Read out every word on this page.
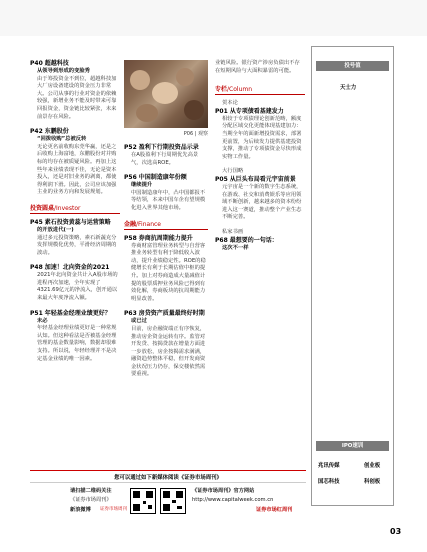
P40 超越科技
从领导到形成的变脸秀
由于筹投资金不到位，超越科技加大厂房设备建设的资金压力非常大。公司从事的行业对资金的依赖较强，新增业务不能及时带来可靠回报资金，资金链比较紧张，未来前景存在风险。
P42 东鹏股份
“回拨收购”总被反转
无论更名前收购东莞华赢，还是之后收购上海富地，东鹏股份对并购标的均存在被质疑风险。再加上这些年来业绩表现不佳，无论是资本投入，还是对旧业务的剥离，都使得利润下滑。因此，公司应该加强主业的业务方向和发展规划。
投资圆桌/Investor
P45 素石投资黄蕊与运营策略
的开放进代(一)
通过多元投资策略，素石新蔬克分发挥规模化优势，平滑经济周期的波动。
P48 加速！北向资金的2021
2021年北向资金共计入A股市场的进程再次加速，全年实现了4321.69亿元的净流入，创开通以来最大年度净流入额。
P51 年轻基金经理业绩更好？
未必
年轻基金经理业绩更好是一种常规认知。但这种看法是否被基金经理管理的基金数量影响，数据却很难支持。所以说，年轻经理并不是决定基金业绩的唯一因素。
P06 | 观察
P52 盈利下行期投资品示录
在A股盈利下行周期优先高景气，次选高ROE。
P56 中国制造康年份额
继续提升
中国制造康年中，凸中国都报不等结领，本来中国车企有望规模化进入世界其他市场。
金融/Finance
P58 券商抗周期能力提升
券商财富管理业务转型与自营客推业务转型有利于降低收入波动，提升业绩稳定性。ROE的稳健增长有利于长期估值中枢的提升。加上对券商造成大量减值计提的股票质押业务风险已得到有效化解，券商板块的抗周期能力明显改善。
P63 房贷资产质量最终好时期
或已过
目前，房企融资端正有序恢复，推动房企资金运转有序。监管对开发贷、按揭贷款在增量方面进一步放松，房企按揭需求满满，融资趋势整体平稳，但开发商资金状况压力仍存，保交楼依然需要重视。
业链风险。银行资产涉房负债出不存在短期风险与大面积暴雷的可能。
专栏/Column
贺本论
P01 从专项债看基建发力
相较于专项债理论创新范畴，额度分配区域交化更能体现基建加力：当期全年的面新增投资需求，部署更前置，为后续发力提供基建投资支撑，推动了专项债资金尽快形成实物工作量。
大行国略
P05 从巨头布局看元宇宙前景
元宇宙是一个新的数字生态系统，在游戏、社交和消费娱乐等应用领域不断创新，越来越多的资本纷纷进入这一赛道，推动整个产业生态不断完善。
私家书画
P68 最想要的一句话：
这次不一样
投号值
天士力
IPO速训
兆讯传媒	创业板
国芯科技	科创板
您可以通过如下新媒体阅读《证券市场周刊》
请扫描二维码关注
《证券市场周刊》
新浪微博 证券市场周刊
《证券市场周刊》官方网站
http://www.capitalweek.com.cn
证券市场红周刊
03
